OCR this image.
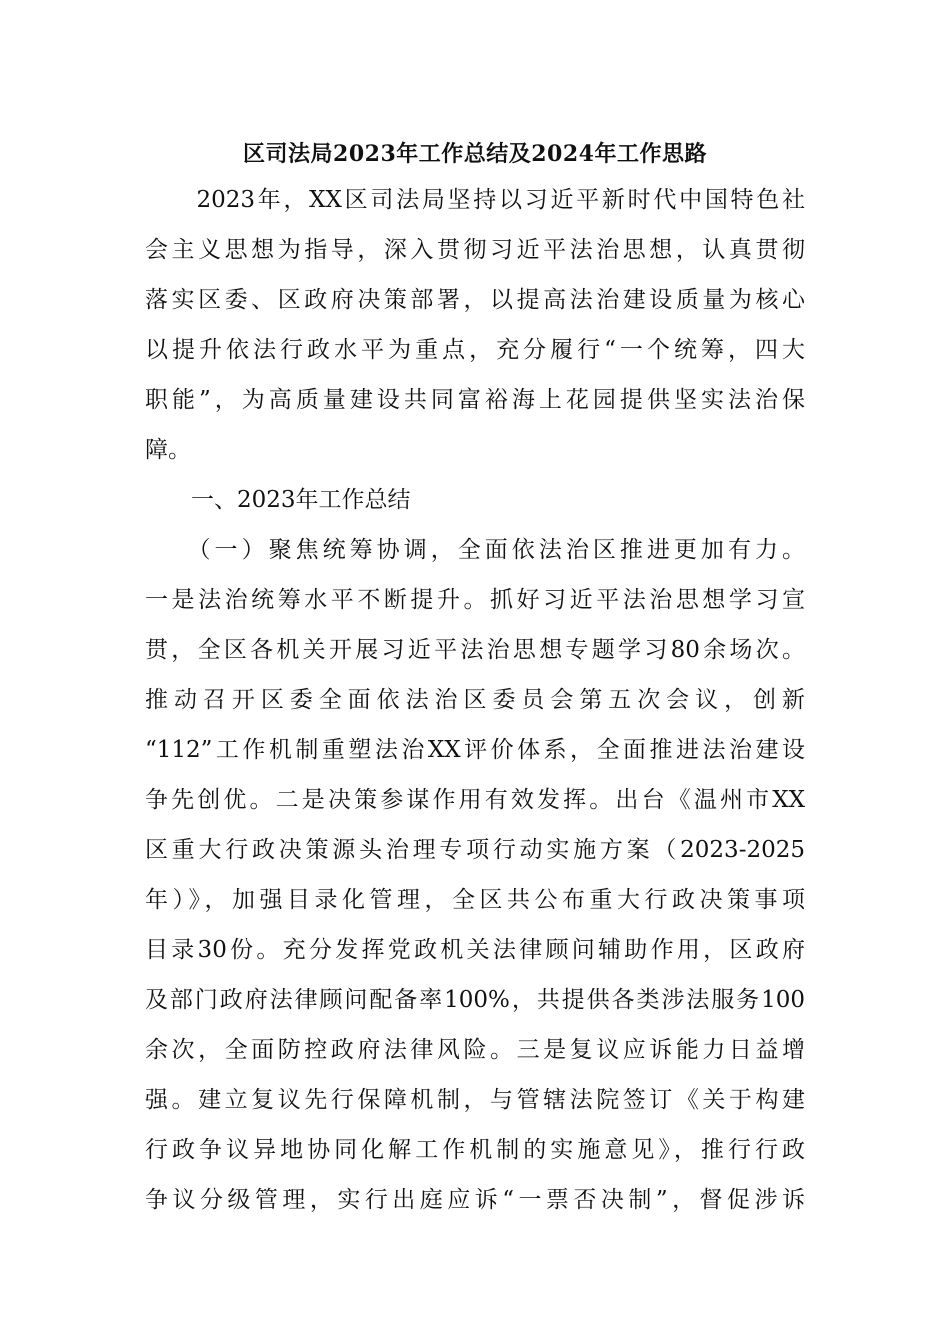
区司法局2023年工作总结及2024年工作思路
　　2023年，XX区司法局坚持以习近平新时代中国特色社
会主义思想为指导，深入贯彻习近平法治思想，认真贯彻
落实区委、区政府决策部署，以提高法治建设质量为核心
以提升依法行政水平为重点，充分履行“一个统筹，四大
职能”，为高质量建设共同富裕海上花园提供坚实法治保
障。
　　一、2023年工作总结
　　（一）聚焦统筹协调，全面依法治区推进更加有力。
一是法治统筹水平不断提升。抓好习近平法治思想学习宣
贯，全区各机关开展习近平法治思想专题学习80余场次。
推动召开区委全面依法治区委员会第五次会议，创新
“112”工作机制重塑法治XX评价体系，全面推进法治建设
争先创优。二是决策参谋作用有效发挥。出台《温州市XX
区重大行政决策源头治理专项行动实施方案（2023-2025
年）》，加强目录化管理，全区共公布重大行政决策事项
目录30份。充分发挥党政机关法律顾问辅助作用，区政府
及部门政府法律顾问配备率100%，共提供各类涉法服务100
余次，全面防控政府法律风险。三是复议应诉能力日益增
强。建立复议先行保障机制，与管辖法院签订《关于构建
行政争议异地协同化解工作机制的实施意见》，推行行政
争议分级管理，实行出庭应诉“一票否决制”，督促涉诉
